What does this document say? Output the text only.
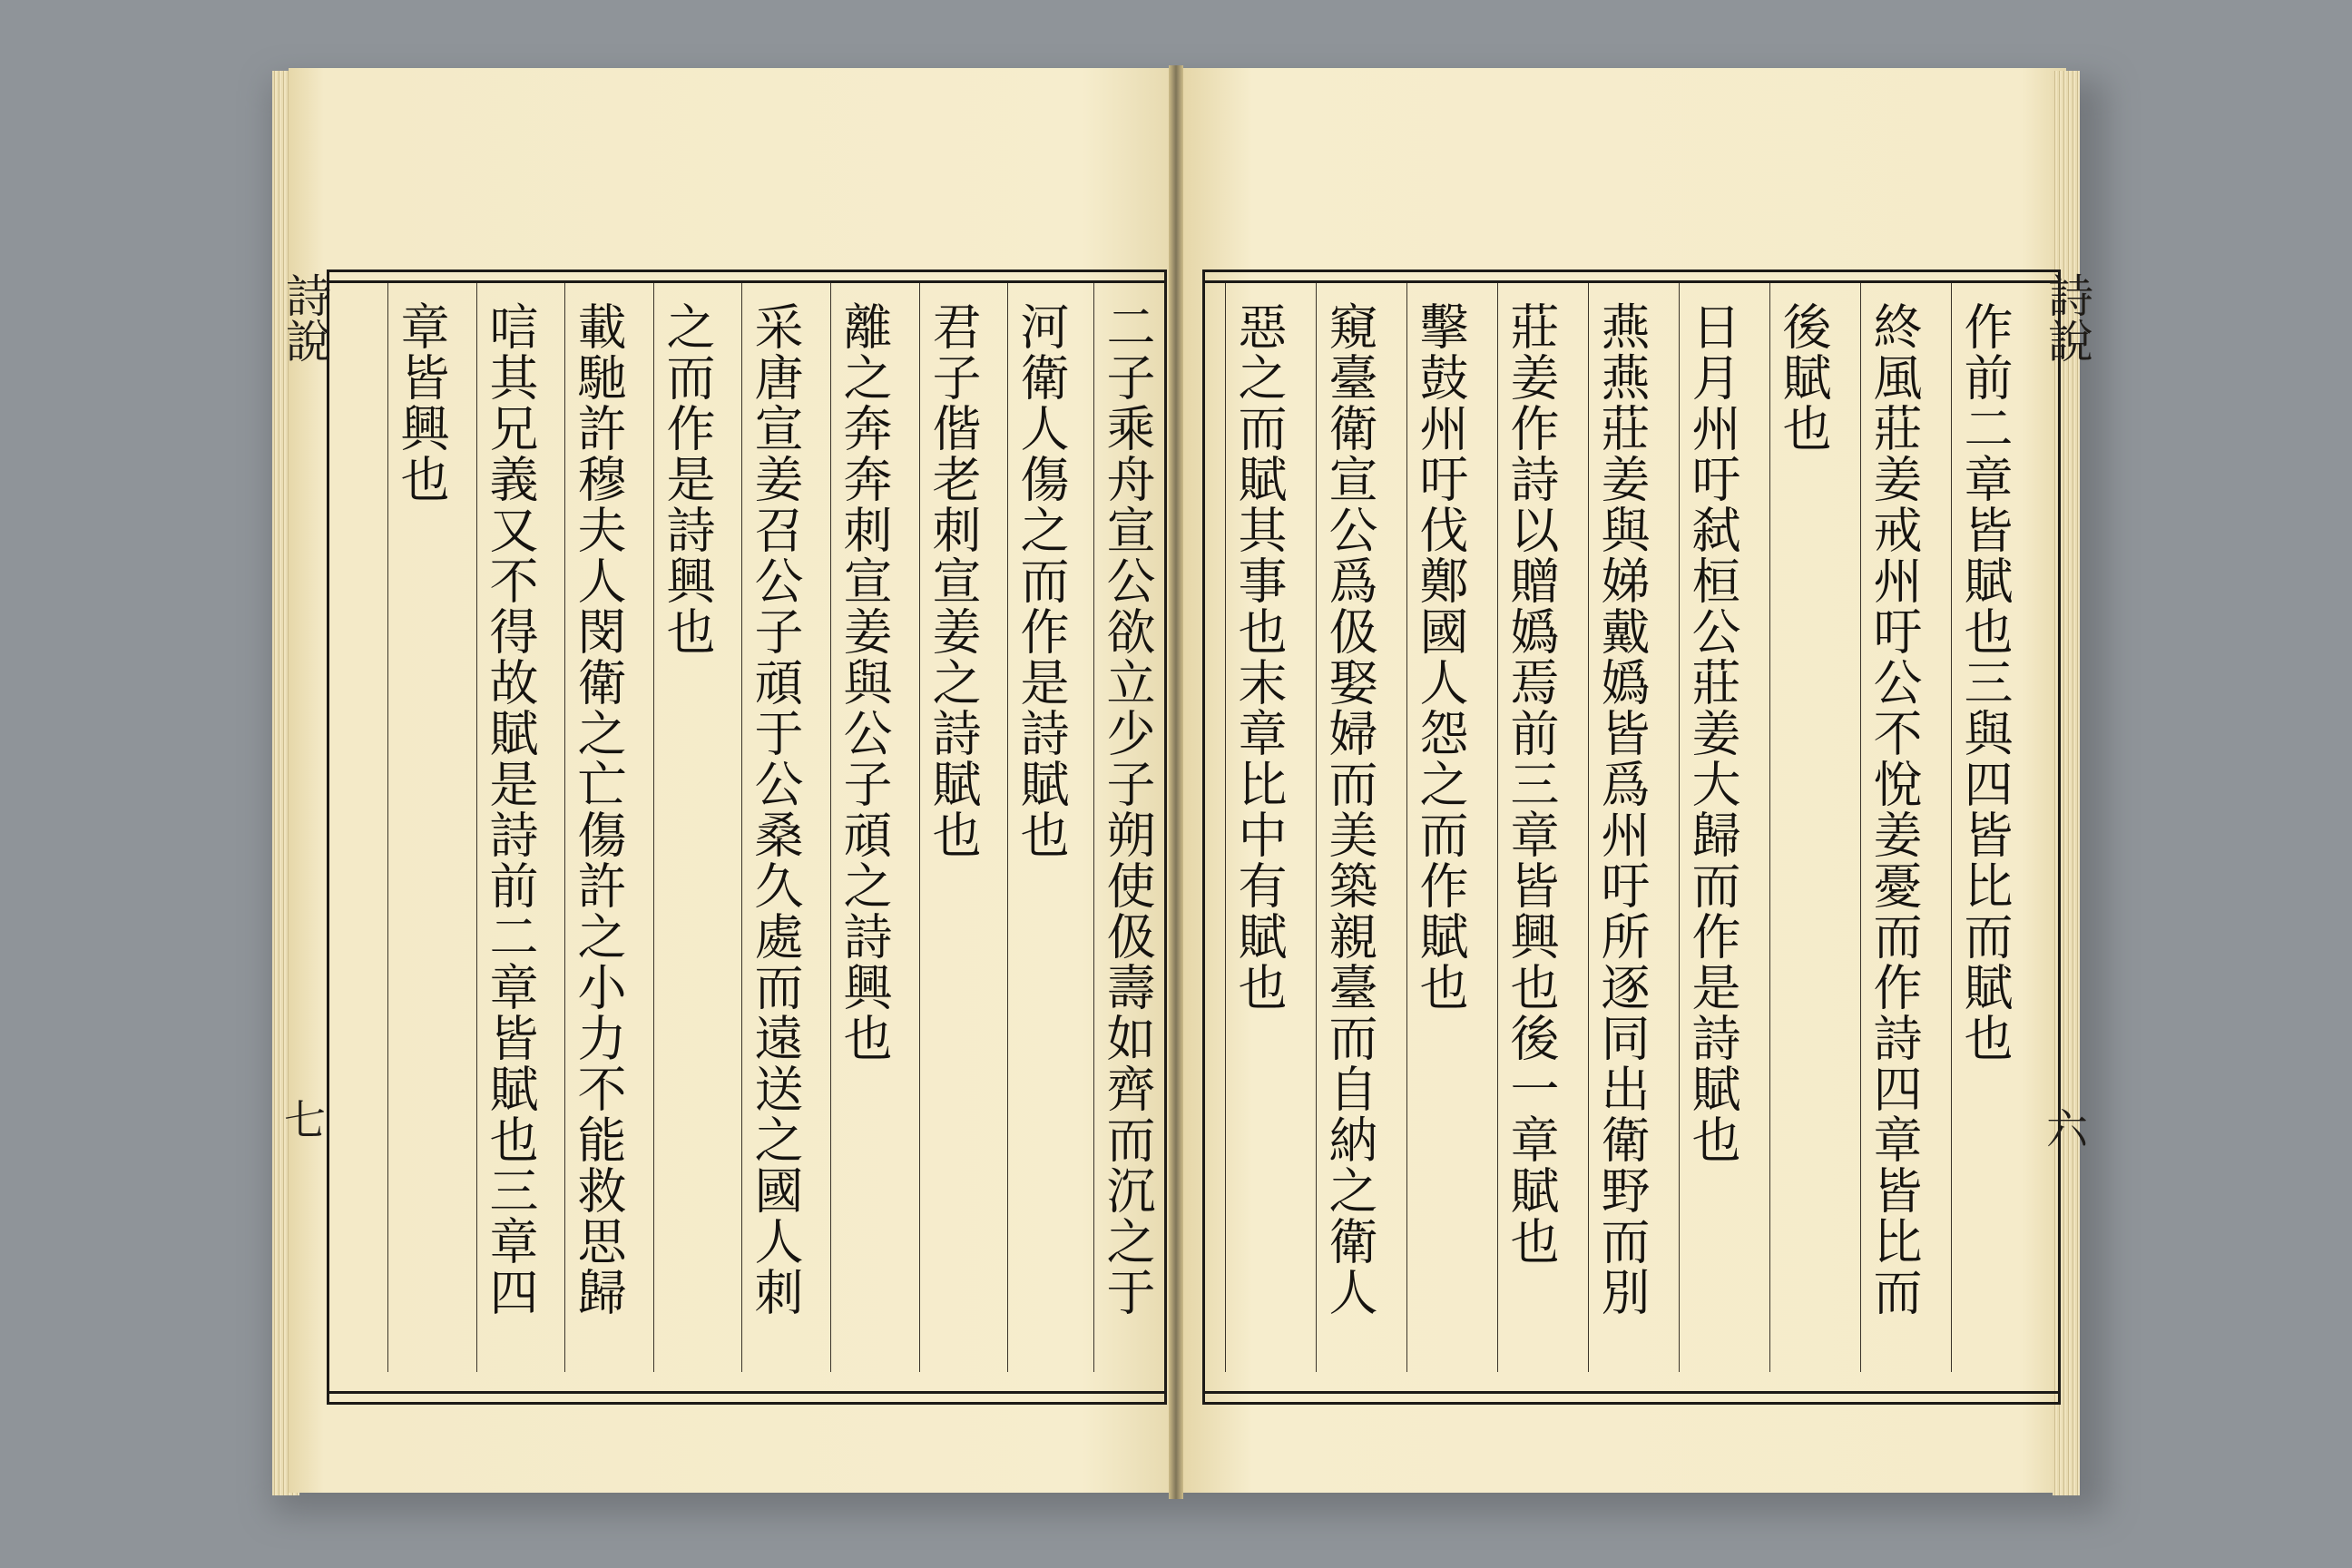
詩說
七	二子乘舟宣公欲立少子朔使伋壽如齊而沉之于
河衛人傷之而作是詩賦也
君子偕老刺宣姜之詩賦也
離之奔奔刺宣姜與公子頑之詩興也
采唐宣姜召公子頑于公桑久處而遠送之國人刺
之而作是詩興也
載馳許穆夫人閔衛之亡傷許之小力不能救思歸
唁其兄義又不得故賦是詩前二章皆賦也三章四
章皆興也	詩說
六
作前二章皆賦也三與四皆比而賦也
終風莊姜戒州吁公不悅姜憂而作詩四章皆比而
後賦也
日月州吁弑桓公莊姜大歸而作是詩賦也
燕燕莊姜與娣戴嬀皆爲州吁所逐同出衛野而別
莊姜作詩以贈嬀焉前三章皆興也後一章賦也
擊鼓州吁伐鄭國人怨之而作賦也
窺臺衛宣公爲伋娶婦而美築親臺而自納之衛人
惡之而賦其事也末章比中有賦也
